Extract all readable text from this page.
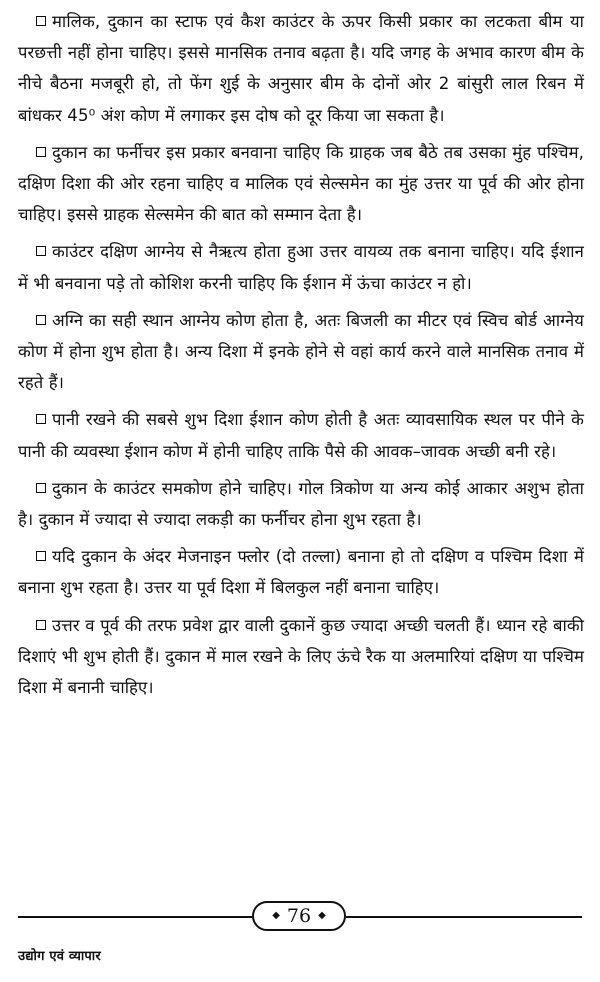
मालिक, दुकान का स्टाफ एवं कैश काउंटर के ऊपर किसी प्रकार का लटकता बीम या परछत्ती नहीं होना चाहिए। इससे मानसिक तनाव बढ़ता है। यदि जगह के अभाव कारण बीम के नीचे बैठना मजबूरी हो, तो फेंग शुई के अनुसार बीम के दोनों ओर 2 बांसुरी लाल रिबन में बांधकर 45⁰ अंश कोण में लगाकर इस दोष को दूर किया जा सकता है।

दुकान का फर्नीचर इस प्रकार बनवाना चाहिए कि ग्राहक जब बैठे तब उसका मुंह पश्चिम, दक्षिण दिशा की ओर रहना चाहिए व मालिक एवं सेल्समेन का मुंह उत्तर या पूर्व की ओर होना चाहिए। इससे ग्राहक सेल्समेन की बात को सम्मान देता है।

काउंटर दक्षिण आग्नेय से नैऋत्य होता हुआ उत्तर वायव्य तक बनाना चाहिए। यदि ईशान में भी बनवाना पड़े तो कोशिश करनी चाहिए कि ईशान में ऊंचा काउंटर न हो।

अग्नि का सही स्थान आग्नेय कोण होता है, अतः बिजली का मीटर एवं स्विच बोर्ड आग्नेय कोण में होना शुभ होता है। अन्य दिशा में इनके होने से वहां कार्य करने वाले मानसिक तनाव में रहते हैं।

पानी रखने की सबसे शुभ दिशा ईशान कोण होती है अतः व्यावसायिक स्थल पर पीने के पानी की व्यवस्था ईशान कोण में होनी चाहिए ताकि पैसे की आवक–जावक अच्छी बनी रहे।

दुकान के काउंटर समकोण होने चाहिए। गोल त्रिकोण या अन्य कोई आकार अशुभ होता है। दुकान में ज्यादा से ज्यादा लकड़ी का फर्नीचर होना शुभ रहता है।

यदि दुकान के अंदर मेजनाइन फ्लोर (दो तल्ला) बनाना हो तो दक्षिण व पश्चिम दिशा में बनाना शुभ रहता है। उत्तर या पूर्व दिशा में बिलकुल नहीं बनाना चाहिए।

उत्तर व पूर्व की तरफ प्रवेश द्वार वाली दुकानें कुछ ज्यादा अच्छी चलती हैं। ध्यान रहे बाकी दिशाएं भी शुभ होती हैं। दुकान में माल रखने के लिए ऊंचे रैक या अलमारियां दक्षिण या पश्चिम दिशा में बनानी चाहिए।

◆ 76 ◆
उद्योग एवं व्यापार
